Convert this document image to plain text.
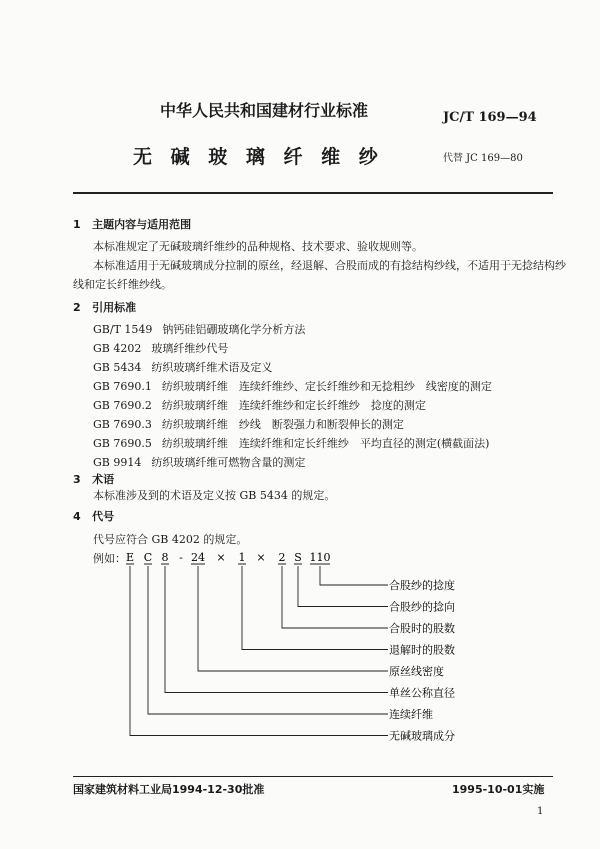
中华人民共和国建材行业标准	JC/T 169—94
无 碱 玻 璃 纤 维 纱	代替 JC 169—80
1 主题内容与适用范围
本标准规定了无碱玻璃纤维纱的品种规格、技术要求、验收规则等。
本标准适用于无碱玻璃成分拉制的原丝，经退解、合股而成的有捻结构纱线，不适用于无捻结构纱
线和定长纤维纱线。
2 引用标准
GB/T 1549 钠钙硅铝硼玻璃化学分析方法
GB 4202 玻璃纤维纱代号
GB 5434 纺织玻璃纤维术语及定义
GB 7690.1 纺织玻璃纤维　连续纤维纱、定长纤维纱和无捻粗纱　线密度的测定
GB 7690.2 纺织玻璃纤维　连续纤维纱和定长纤维纱　捻度的测定
GB 7690.3 纺织玻璃纤维　纱线　断裂强力和断裂伸长的测定
GB 7690.5 纺织玻璃纤维　连续纤维和定长纤维纱　平均直径的测定(横截面法)
GB 9914 纺织玻璃纤维可燃物含量的测定
3 术语
本标准涉及到的术语及定义按 GB 5434 的规定。
4 代号
代号应符合 GB 4202 的规定。
例如： E C 8 - 24 × 1 × 2 S 110
合股纱的捻度
合股纱的捻向
合股时的股数
退解时的股数
原丝线密度
单丝公称直径
连续纤维
无碱玻璃成分
国家建筑材料工业局1994-12-30批准	1995-10-01实施
1
